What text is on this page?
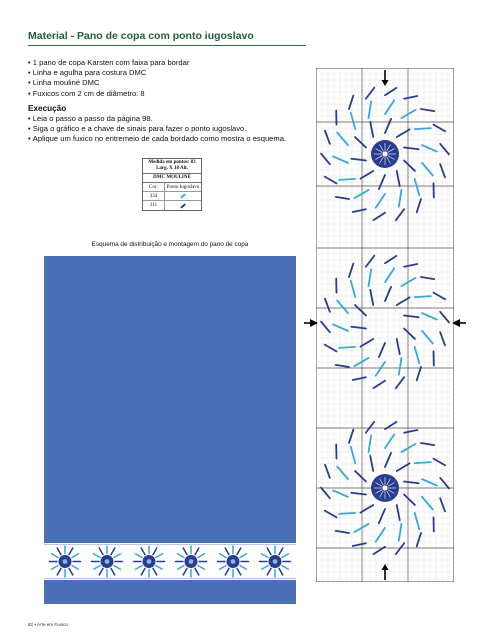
Material - Pano de copa com ponto iugoslavo
• 1 pano de copa Karsten com faixa para bordar
• Linha e agulha para costura DMC
• Linha mouliné DMC
• Fuxicos com 2 cm de diâmetro: 8
Execução
• Leia o passo a passo da página 98.
• Siga o gráfico e a chave de sinais para fazer o ponto iugoslavo.
• Aplique um fuxico no entremeio de cada bordado como mostra o esquema.
Medida em pontos: 83 Larg. X 18 Alt.
DMC MOULINÉ
Cor:	Ponto Iugoslavo
334
311
Esquema de distribuição e montagem do pano de copa
82 • Arte em Fuxico
